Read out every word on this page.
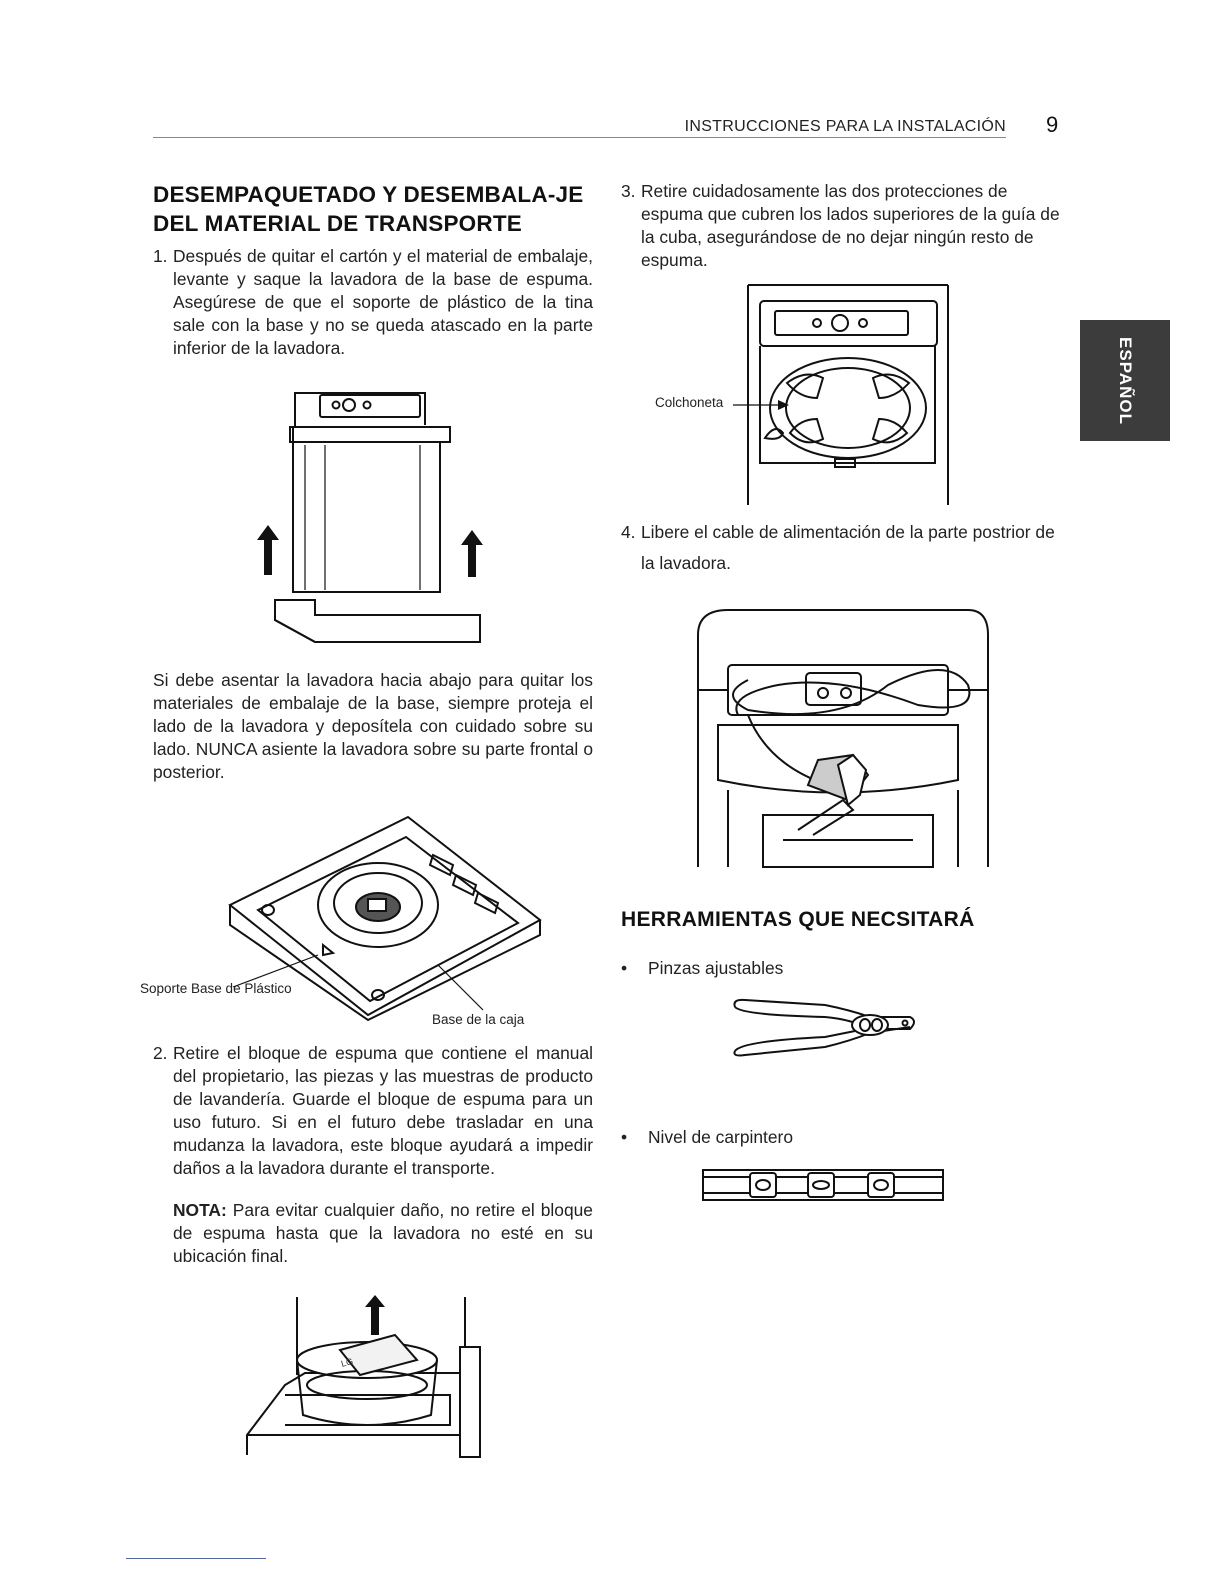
INSTRUCCIONES PARA LA INSTALACIÓN 9
ESPAÑOL
DESEMPAQUETADO Y DESEMBALA-JE DEL MATERIAL DE TRANSPORTE
1. Después de quitar el cartón y el material de embalaje, levante y saque la lavadora de la base de espuma. Asegúrese de que el soporte de plástico de la tina sale con la base y no se queda atascado en la parte inferior de la lavadora.

Si debe asentar la lavadora hacia abajo para quitar los materiales de embalaje de la base, siempre proteja el lado de la lavadora y deposítela con cuidado sobre su lado. NUNCA asiente la lavadora sobre su parte frontal o posterior.

Soporte Base de Plástico
Base de la caja
2. Retire el bloque de espuma que contiene el manual del propietario, las piezas y las muestras de producto de lavandería. Guarde el bloque de espuma para un uso futuro. Si en el futuro debe trasladar en una mudanza la lavadora, este bloque ayudará a impedir daños a la lavadora durante el transporte.
NOTA: Para evitar cualquier daño, no retire el bloque de espuma hasta que la lavadora no esté en su ubicación final.
LG
3. Retire cuidadosamente las dos protecciones de espuma que cubren los lados superiores de la guía de la cuba, asegurándose de no dejar ningún resto de espuma.
Colchoneta
4. Libere el cable de alimentación de la parte postrior de la lavadora.
HERRAMIENTAS QUE NECSITARÁ
•	Pinzas ajustables
•	Nivel de carpintero
